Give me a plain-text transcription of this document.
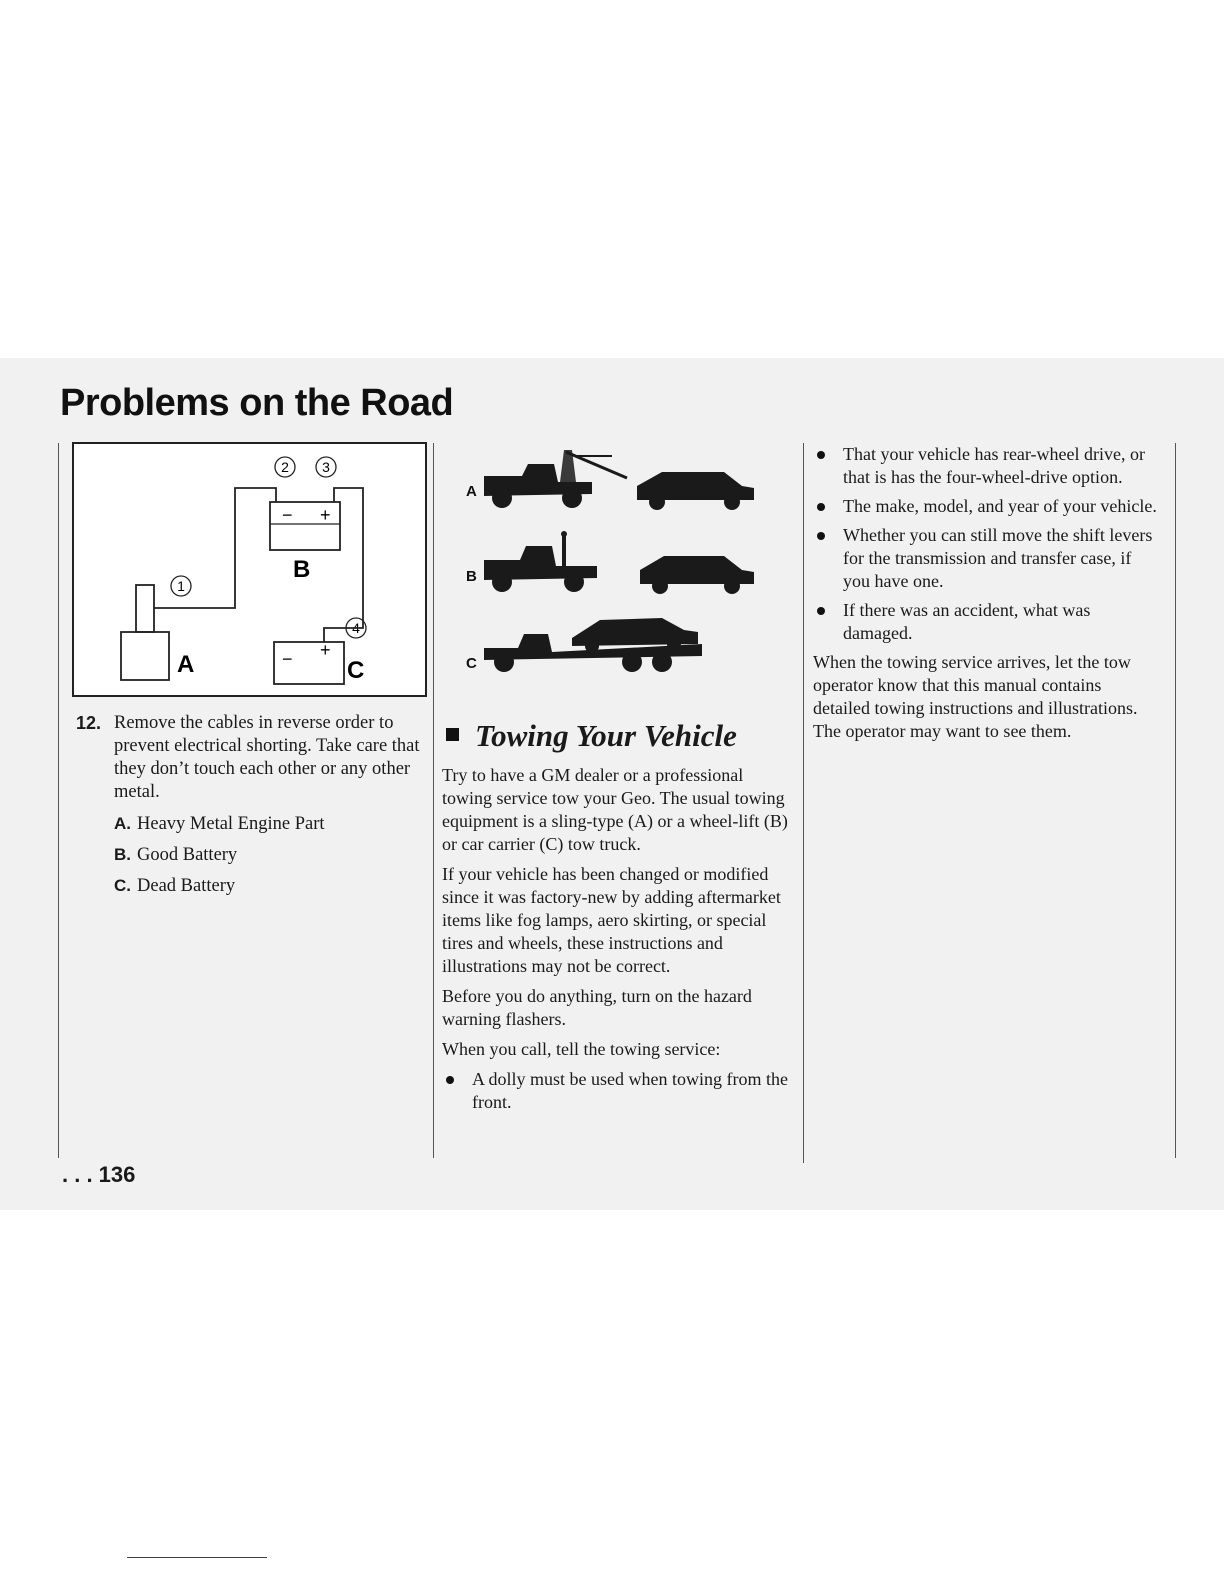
Problems on the Road
2 3
1
4
− +
− +
B
A	C
A
B
C
12. Remove the cables in reverse order to prevent electrical shorting. Take care that they don’t touch each other or any other metal.
A. Heavy Metal Engine Part
B. Good Battery
C. Dead Battery
Towing Your Vehicle

Try to have a GM dealer or a professional towing service tow your Geo. The usual towing equipment is a sling-type (A) or a wheel-lift (B) or car carrier (C) tow truck.

If your vehicle has been changed or modified since it was factory-new by adding aftermarket items like fog lamps, aero skirting, or special tires and wheels, these instructions and illustrations may not be correct.

Before you do anything, turn on the hazard warning flashers.

When you call, tell the towing service:

A dolly must be used when towing from the front.
That your vehicle has rear-wheel drive, or that is has the four-wheel-drive option.
The make, model, and year of your vehicle.
Whether you can still move the shift levers for the transmission and transfer case, if you have one.
If there was an accident, what was damaged.

When the towing service arrives, let the tow operator know that this manual contains detailed towing instructions and illustrations. The operator may want to see them.

. . . 136
